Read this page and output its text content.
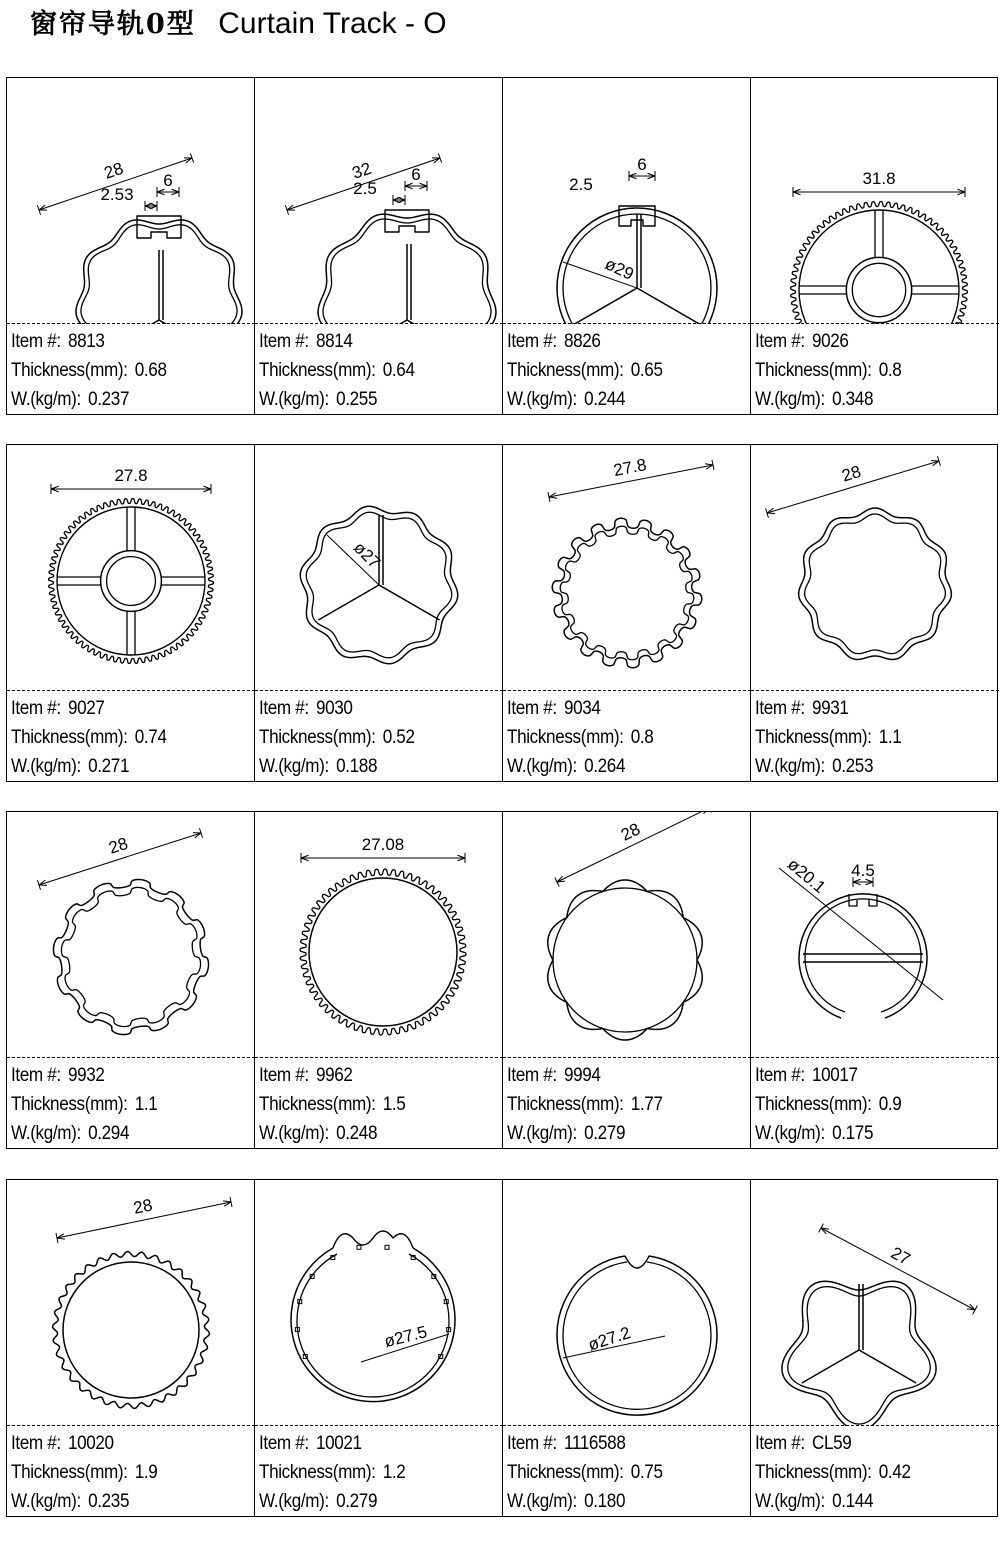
窗帘导轨0型 Curtain Track - O
28
2.53
6
Item #: 8813
Thickness(mm): 0.68
W.(kg/m): 0.237
32
2.5
6
Item #: 8814
Thickness(mm): 0.64
W.(kg/m): 0.255
ø29
2.5
6
Item #: 8826
Thickness(mm): 0.65
W.(kg/m): 0.244
31.8
Item #: 9026
Thickness(mm): 0.8
W.(kg/m): 0.348
27.8
Item #: 9027
Thickness(mm): 0.74
W.(kg/m): 0.271
ø27
Item #: 9030
Thickness(mm): 0.52
W.(kg/m): 0.188
27.8
Item #: 9034
Thickness(mm): 0.8
W.(kg/m): 0.264
28
Item #: 9931
Thickness(mm): 1.1
W.(kg/m): 0.253
28
Item #: 9932
Thickness(mm): 1.1
W.(kg/m): 0.294
27.08
Item #: 9962
Thickness(mm): 1.5
W.(kg/m): 0.248
28
Item #: 9994
Thickness(mm): 1.77
W.(kg/m): 0.279
ø20.1 4.5
Item #: 10017
Thickness(mm): 0.9
W.(kg/m): 0.175
28
Item #: 10020
Thickness(mm): 1.9
W.(kg/m): 0.235
ø27.5
Item #: 10021
Thickness(mm): 1.2
W.(kg/m): 0.279
ø27.2
Item #: 1116588
Thickness(mm): 0.75
W.(kg/m): 0.180
27
Item #: CL59
Thickness(mm): 0.42
W.(kg/m): 0.144
